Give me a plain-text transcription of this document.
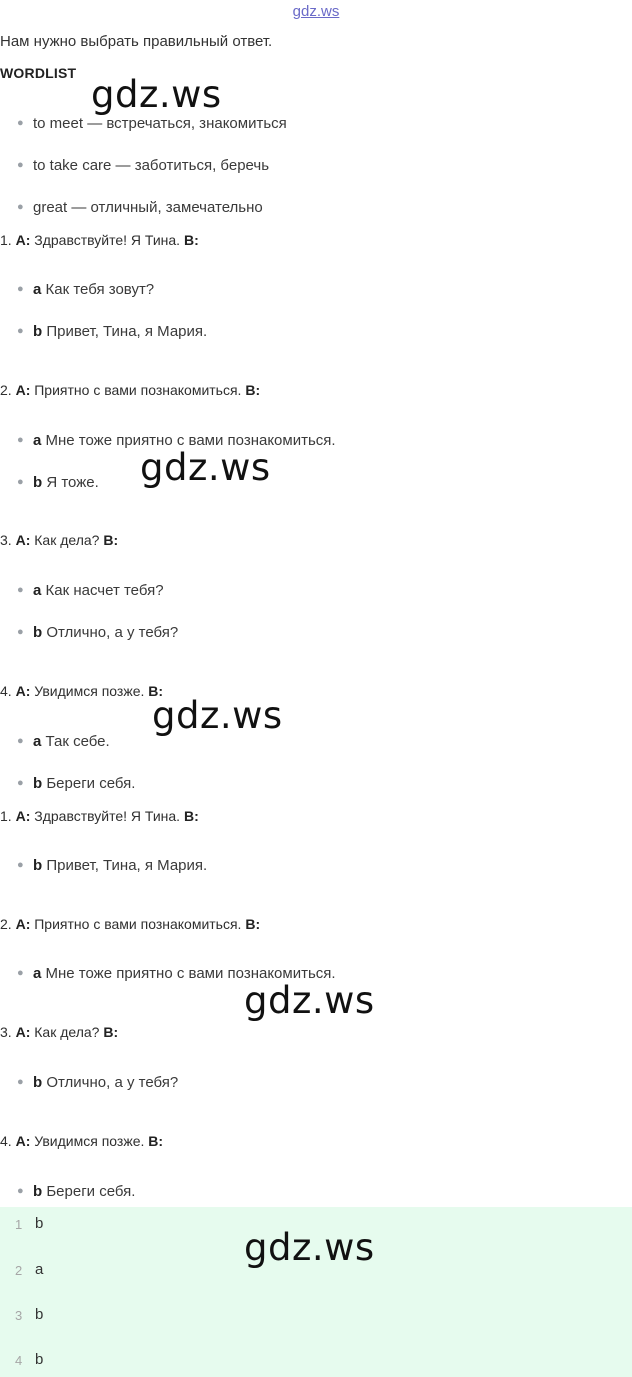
gdz.ws
Нам нужно выбрать правильный ответ.
WORDLIST
● to meet — встречаться, знакомиться
● to take care — заботиться, беречь
● great — отличный, замечательно
1. A: Здравствуйте! Я Тина. B:
● a Как тебя зовут?
● b Привет, Тина, я Мария.
2. A: Приятно с вами познакомиться. B:
● a Мне тоже приятно с вами познакомиться.
● b Я тоже.
3. A: Как дела? B:
● a Как насчет тебя?
● b Отлично, а у тебя?
4. A: Увидимся позже. B:
● a Так себе.
● b Береги себя.
1. A: Здравствуйте! Я Тина. B:
● b Привет, Тина, я Мария.
2. A: Приятно с вами познакомиться. B:
● a Мне тоже приятно с вами познакомиться.
3. A: Как дела? B:
● b Отлично, а у тебя?
4. A: Увидимся позже. B:
● b Береги себя.
1 b
2 a
3 b
4 b
gdz.ws
gdz.ws
gdz.ws
gdz.ws
gdz.ws
